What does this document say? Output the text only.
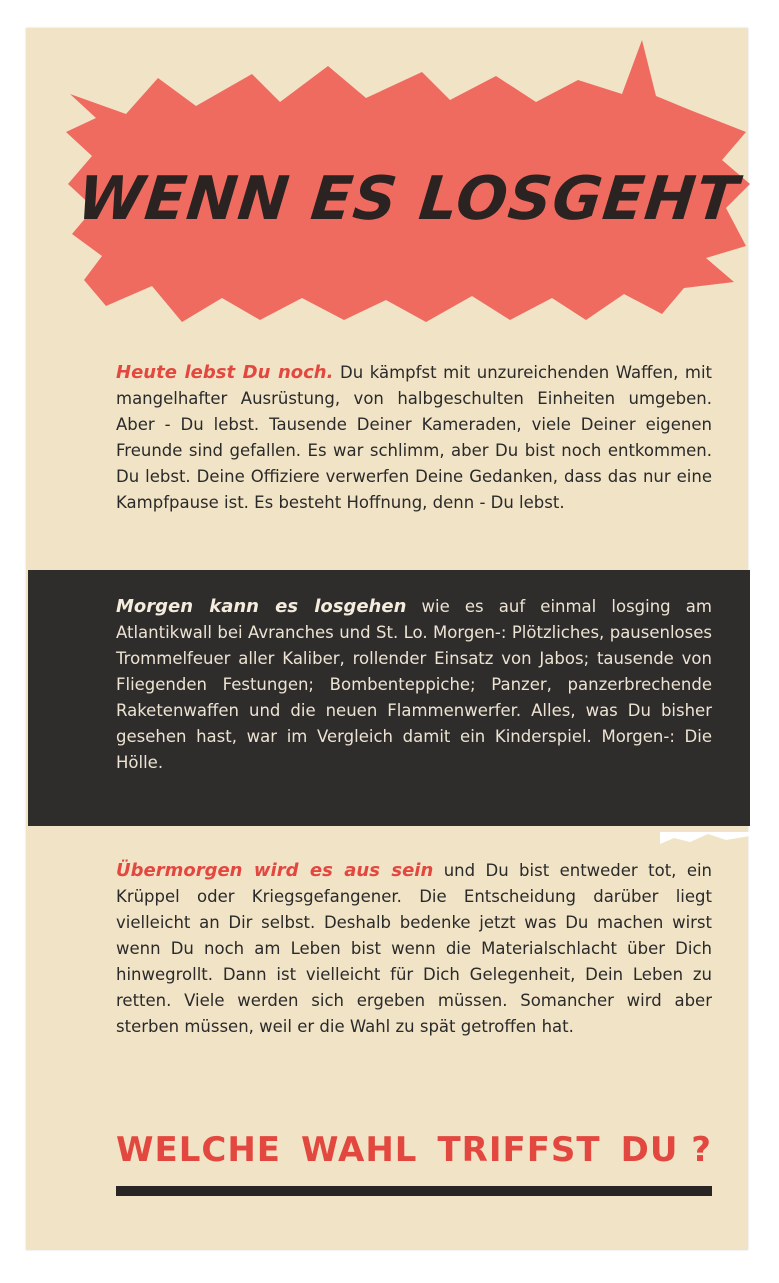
WENN ES LOSGEHT

Heute lebst Du noch. Du kämpfst mit unzureichenden Waffen, mit mangelhafter Ausrüstung, von halbgeschulten Einheiten umgeben. Aber - Du lebst. Tausende Deiner Kameraden, viele Deiner eigenen Freunde sind gefallen. Es war schlimm, aber Du bist noch entkommen. Du lebst. Deine Offiziere verwerfen Deine Gedanken, dass das nur eine Kampfpause ist. Es besteht Hoffnung, denn - Du lebst.

Morgen kann es losgehen wie es auf einmal losging am Atlantikwall bei Avranches und St. Lo. Morgen-: Plötzliches, pausenloses Trommelfeuer aller Kaliber, rollender Einsatz von Jabos; tausende von Fliegenden Festungen; Bombenteppiche; Panzer, panzerbrechende Raketenwaffen und die neuen Flammenwerfer. Alles, was Du bisher gesehen hast, war im Vergleich damit ein Kinderspiel. Morgen-: Die Hölle.

Übermorgen wird es aus sein und Du bist entweder tot, ein Krüppel oder Kriegsgefangener. Die Entscheidung darüber liegt vielleicht an Dir selbst. Deshalb bedenke jetzt was Du machen wirst wenn Du noch am Leben bist wenn die Materialschlacht über Dich hinwegrollt. Dann ist vielleicht für Dich Gelegenheit, Dein Leben zu retten. Viele werden sich ergeben müssen. Somancher wird aber sterben müssen, weil er die Wahl zu spät getroffen hat.

WELCHE WAHL TRIFFST DU ?
